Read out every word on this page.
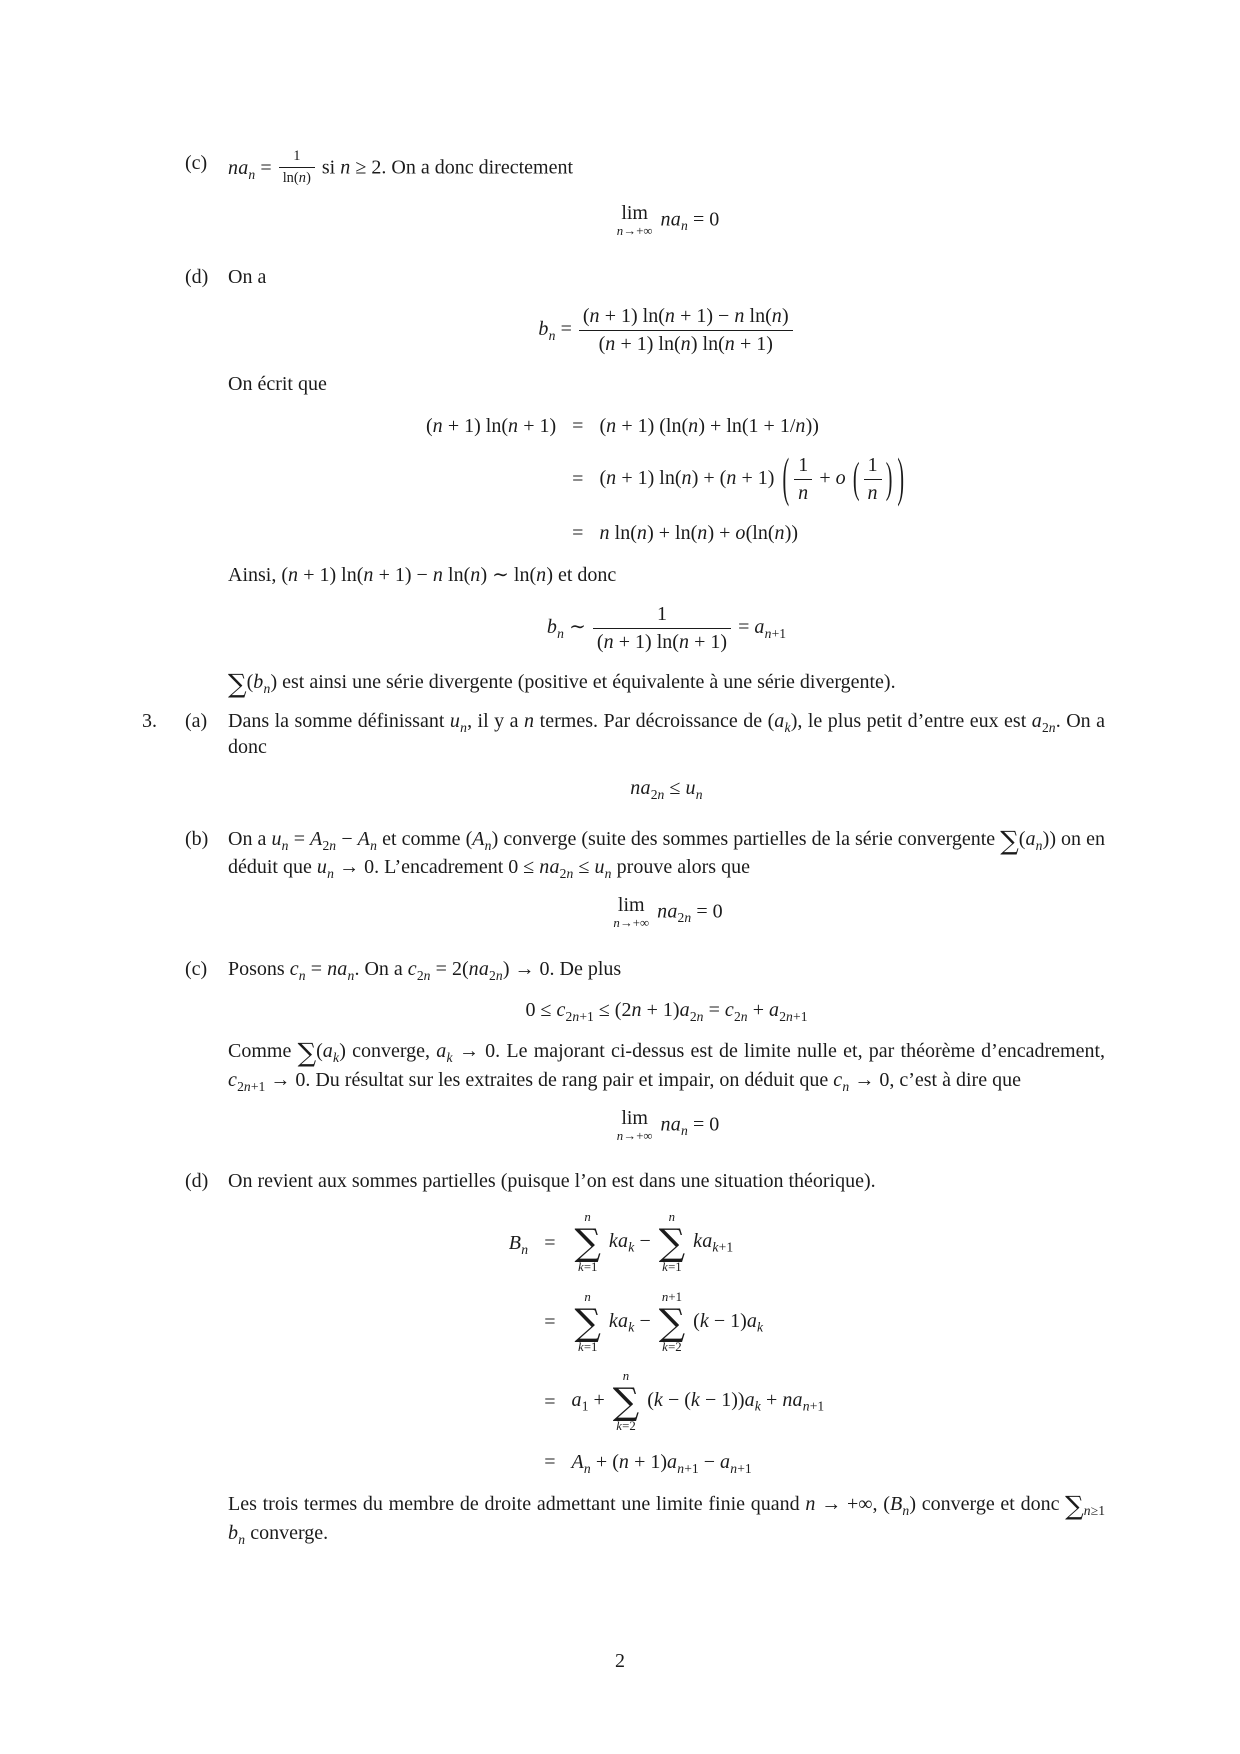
(c)	$na_n = \frac{1}{\ln(n)}$ si n ≥ 2. On a donc directement

lim
n→+∞
$na_n = 0$
(d) On a

$b_n = \frac{\text{(n + 1) ln(n + 1) − n ln(n)}}{(n + 1) \ln(n) \ln(n + 1)}$

On écrit que

(n + 1) ln(n + 1) = (n + 1) (ln(n) + ln(1 + 1/n))
= (n + 1) ln(n) + (n + 1) ( $\frac{1}{n} + o$ ( $\frac{1}{n}$ ) )
= n ln(n) + ln(n) + o(ln(n))

Ainsi, (n + 1) ln(n + 1) − n ln(n) ∼ ln(n) et donc

$b_n$ ∼ $\frac{1}{(n + 1) \ln(n + 1)} = a_{n+1}$

$\sum(b_n)$ est ainsi une série divergente (positive et équivalente à une série divergente).

3.	(a)	Dans la somme définissant $u_n$, il y a n termes. Par décroissance de $(a_k)$, le plus petit d’entre eux est $a_{2n}$. On a donc

$na_{2n} \le u_n$
(b) On a $u_n = A_{2n} - A_n$ et comme $(A_n)$ converge (suite des sommes partielles de la série convergente $\sum(a_n)$) on en déduit que $u_n \to 0$. L’encadrement $0 \le na_{2n} \le u_n$ prouve alors que

lim
n→+∞
$na_{2n} = 0$
(c)	Posons $c_n = na_n$. On a $c_{2n} = 2(na_{2n}) \to 0$. De plus

$0 \le c_{2n+1} \le (2n + 1)a_{2n} = c_{2n} + a_{2n+1}$

Comme $\sum(a_k)$ converge, $a_k \to 0$. Le majorant ci-dessus est de limite nulle et, par théorème d’encadrement, $c_{2n+1} \to 0$. Du résultat sur les extraites de rang pair et impair, on déduit que $c_n \to 0$, c’est à dire que

lim
n→+∞
$na_n = 0$
(d) On revient aux sommes partielles (puisque l’on est dans une situation théorique).

$B_n$ =
n
∑
k=1
$ka_k$ −
n
∑
k=1
$ka_{k+1}$
=
n
∑
k=1
$ka_k$ −
n+1
∑
k=2
$(k - 1)a_k$
= $a_1$ +
n
∑
k=2
$(k - (k - 1))a_k + na_{n+1}$
= $A_n + (n + 1)a_{n+1} - a_{n+1}$

Les trois termes du membre de droite admettant une limite finie quand n → +∞, $(B_n)$ converge et donc $\sum_{n\ge 1}$ $b_n$ converge.

2
